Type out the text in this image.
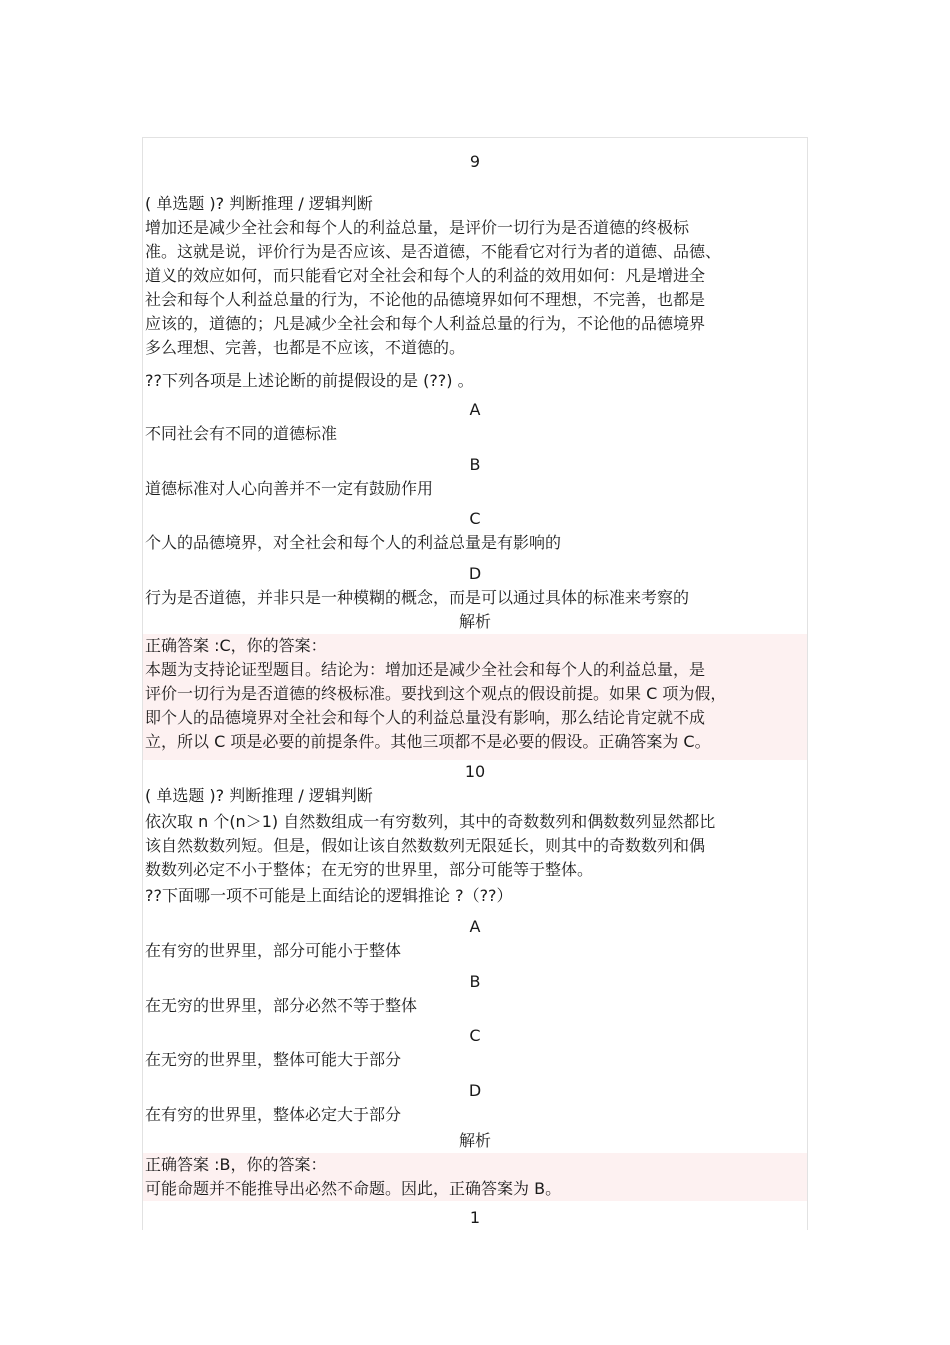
9
( 单选题 )? 判断推理 / 逻辑判断
增加还是减少全社会和每个人的利益总量，是评价一切行为是否道德的终极标
准。这就是说，评价行为是否应该、是否道德，不能看它对行为者的道德、品德、
道义的效应如何，而只能看它对全社会和每个人的利益的效用如何：凡是增进全
社会和每个人利益总量的行为，不论他的品德境界如何不理想，不完善，也都是
应该的，道德的；凡是减少全社会和每个人利益总量的行为，不论他的品德境界
多么理想、完善，也都是不应该，不道德的。
??下列各项是上述论断的前提假设的是 (??) 。
A
不同社会有不同的道德标准
B
道德标准对人心向善并不一定有鼓励作用
C
个人的品德境界，对全社会和每个人的利益总量是有影响的
D
行为是否道德，并非只是一种模糊的概念，而是可以通过具体的标准来考察的
解析
正确答案 :C，你的答案：
本题为支持论证型题目。结论为：增加还是减少全社会和每个人的利益总量，是
评价一切行为是否道德的终极标准。要找到这个观点的假设前提。如果 C 项为假，
即个人的品德境界对全社会和每个人的利益总量没有影响，那么结论肯定就不成
立，所以 C 项是必要的前提条件。其他三项都不是必要的假设。正确答案为 C。
10
( 单选题 )? 判断推理 / 逻辑判断
依次取 n 个(n＞1) 自然数组成一有穷数列，其中的奇数数列和偶数数列显然都比
该自然数数列短。但是，假如让该自然数数列无限延长，则其中的奇数数列和偶
数数列必定不小于整体；在无穷的世界里，部分可能等于整体。
??下面哪一项不可能是上面结论的逻辑推论 ?（??）
A
在有穷的世界里，部分可能小于整体
B
在无穷的世界里，部分必然不等于整体
C
在无穷的世界里，整体可能大于部分
D
在有穷的世界里，整体必定大于部分
解析
正确答案 :B，你的答案：
可能命题并不能推导出必然不命题。因此，正确答案为 B。
1
